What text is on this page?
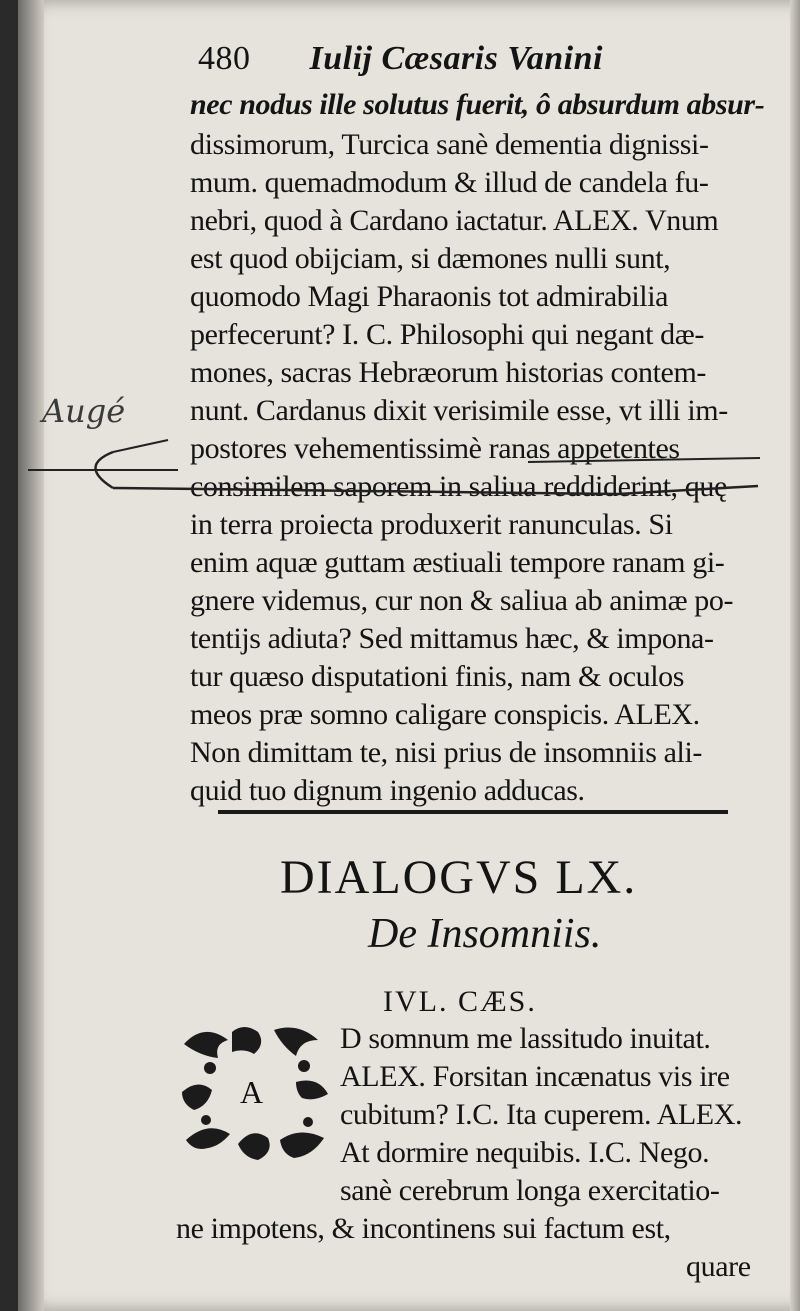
480 Iulij Cæsaris Vanini
nec nodus ille solutus fuerit, ô absurdum absur-
dissimorum, Turcica sanè dementia dignissi-
mum. quemadmodum & illud de candela fu-
nebri, quod à Cardano iactatur. ALEX. Vnum
est quod obijciam, si dæmones nulli sunt,
quomodo Magi Pharaonis tot admirabilia
perfecerunt? I. C. Philosophi qui negant dæ-
mones, sacras Hebræorum historias contem-
nunt. Cardanus dixit verisimile esse, vt illi im-
postores vehementissimè ranas appetentes
consimilem saporem in saliua reddiderint, quę
in terra proiecta produxerit ranunculas. Si
enim aquæ guttam æstiuali tempore ranam gi-
gnere videmus, cur non & saliua ab animæ po-
tentijs adiuta? Sed mittamus hæc, & imponа-
tur quæso disputationi finis, nam & oculos
meos præ somno caligare conspicis. ALEX.
Non dimittam te, nisi prius de insomniis ali-
quid tuo dignum ingenio adducas.
Augé
DIALOGVS LX.
De Insomniis.
IVL. CÆS.
A
D somnum me lassitudo inuitat.
ALEX. Forsitan incænatus vis ire
cubitum? I.C. Ita cuperem. ALEX.
At dormire nequibis. I.C. Nego.
sanè cerebrum longa exercitatio-
ne impotens, & incontinens sui factum est,
quare
